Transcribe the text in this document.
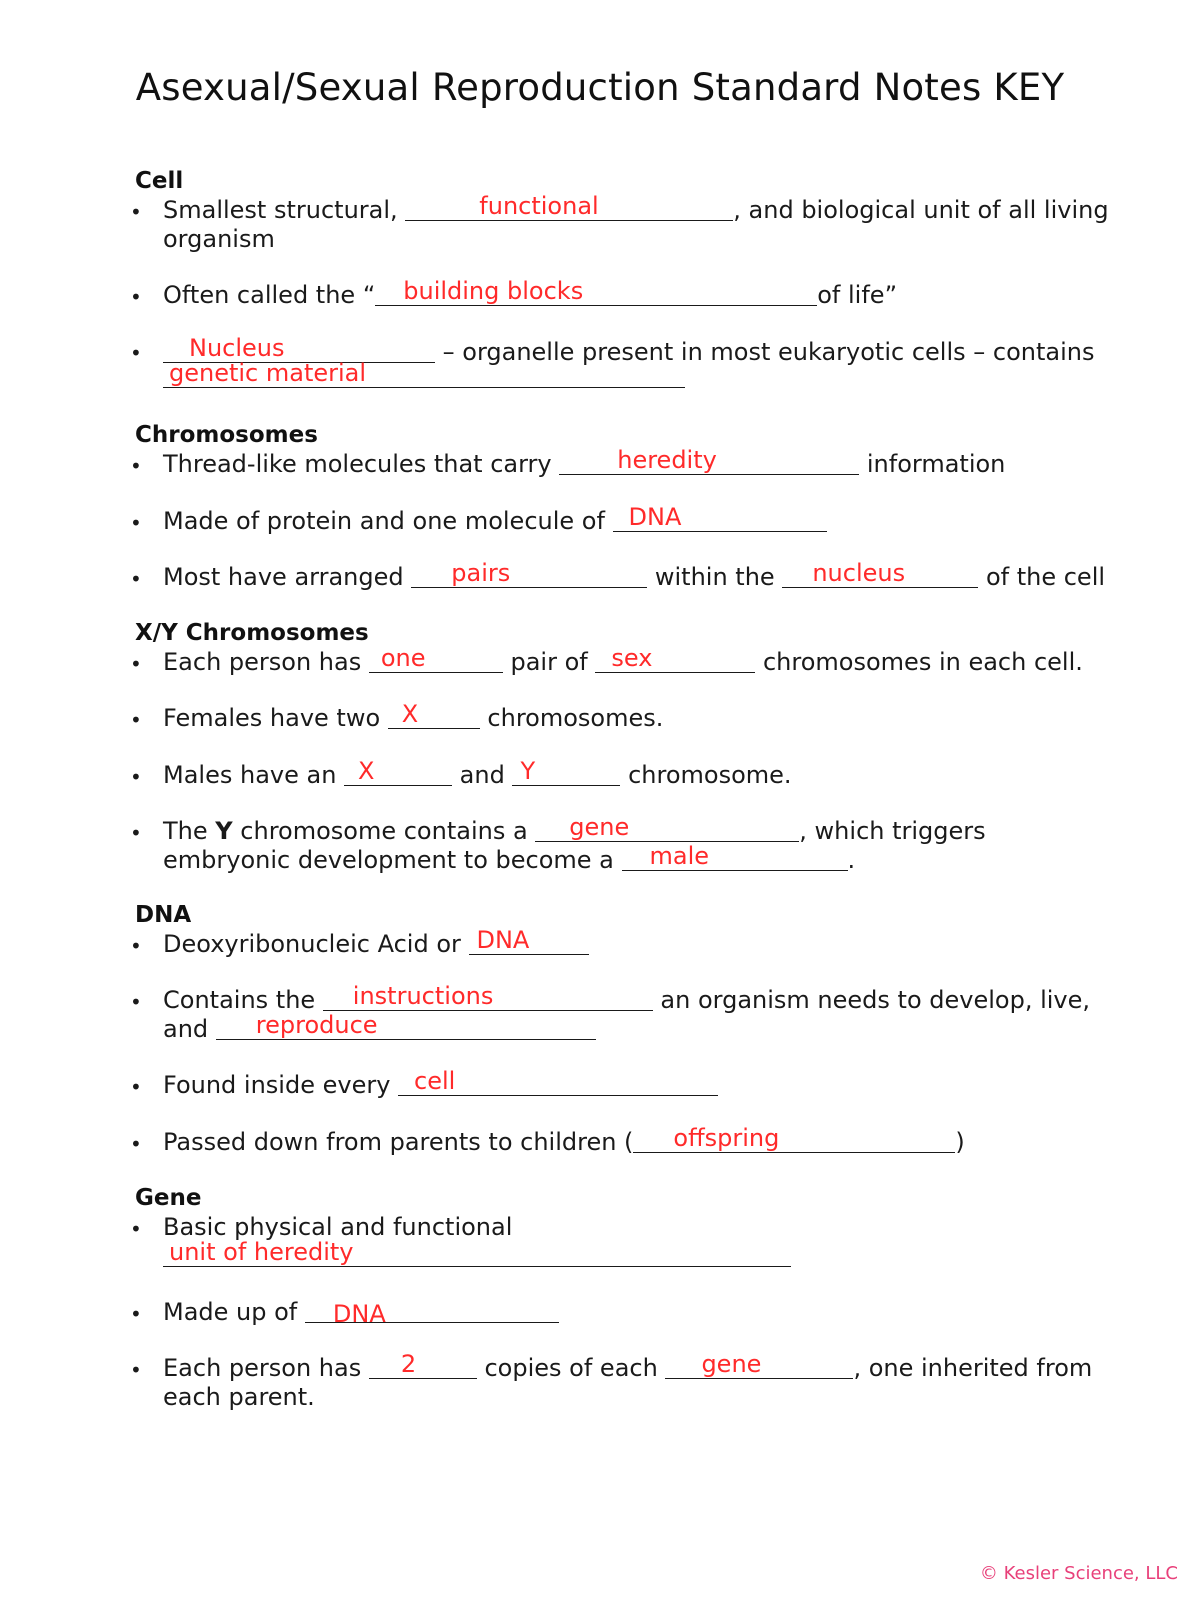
Asexual/Sexual Reproduction Standard Notes KEY
Cell
• Smallest structural,	functional	, and biological unit of all living
organism
• Often called the “ building blocks	of life”
• Nucleus	– organelle present in most eukaryotic cells – contains
genetic material
Chromosomes
• Thread-like molecules that carry heredity	information
• Made of protein and one molecule of DNA
• Most have arranged pairs	within the nucleus	of the cell
X/Y Chromosomes
• Each person has one	pair of sex	chromosomes in each cell.
• Females have two X	chromosomes.
• Males have an X	and Y	chromosome.
• The Y chromosome contains a gene	, which triggers
embryonic development to become a male	.
DNA
• Deoxyribonucleic Acid or DNA
• Contains the instructions	an organism needs to develop, live,
and reproduce
• Found inside every cell
• Passed down from parents to children ( offspring	)
Gene
• Basic physical and functional
unit of heredity
• Made up of DNA
• Each person has 2	copies of each gene	, one inherited from
each parent.
© Kesler Science, LLC
